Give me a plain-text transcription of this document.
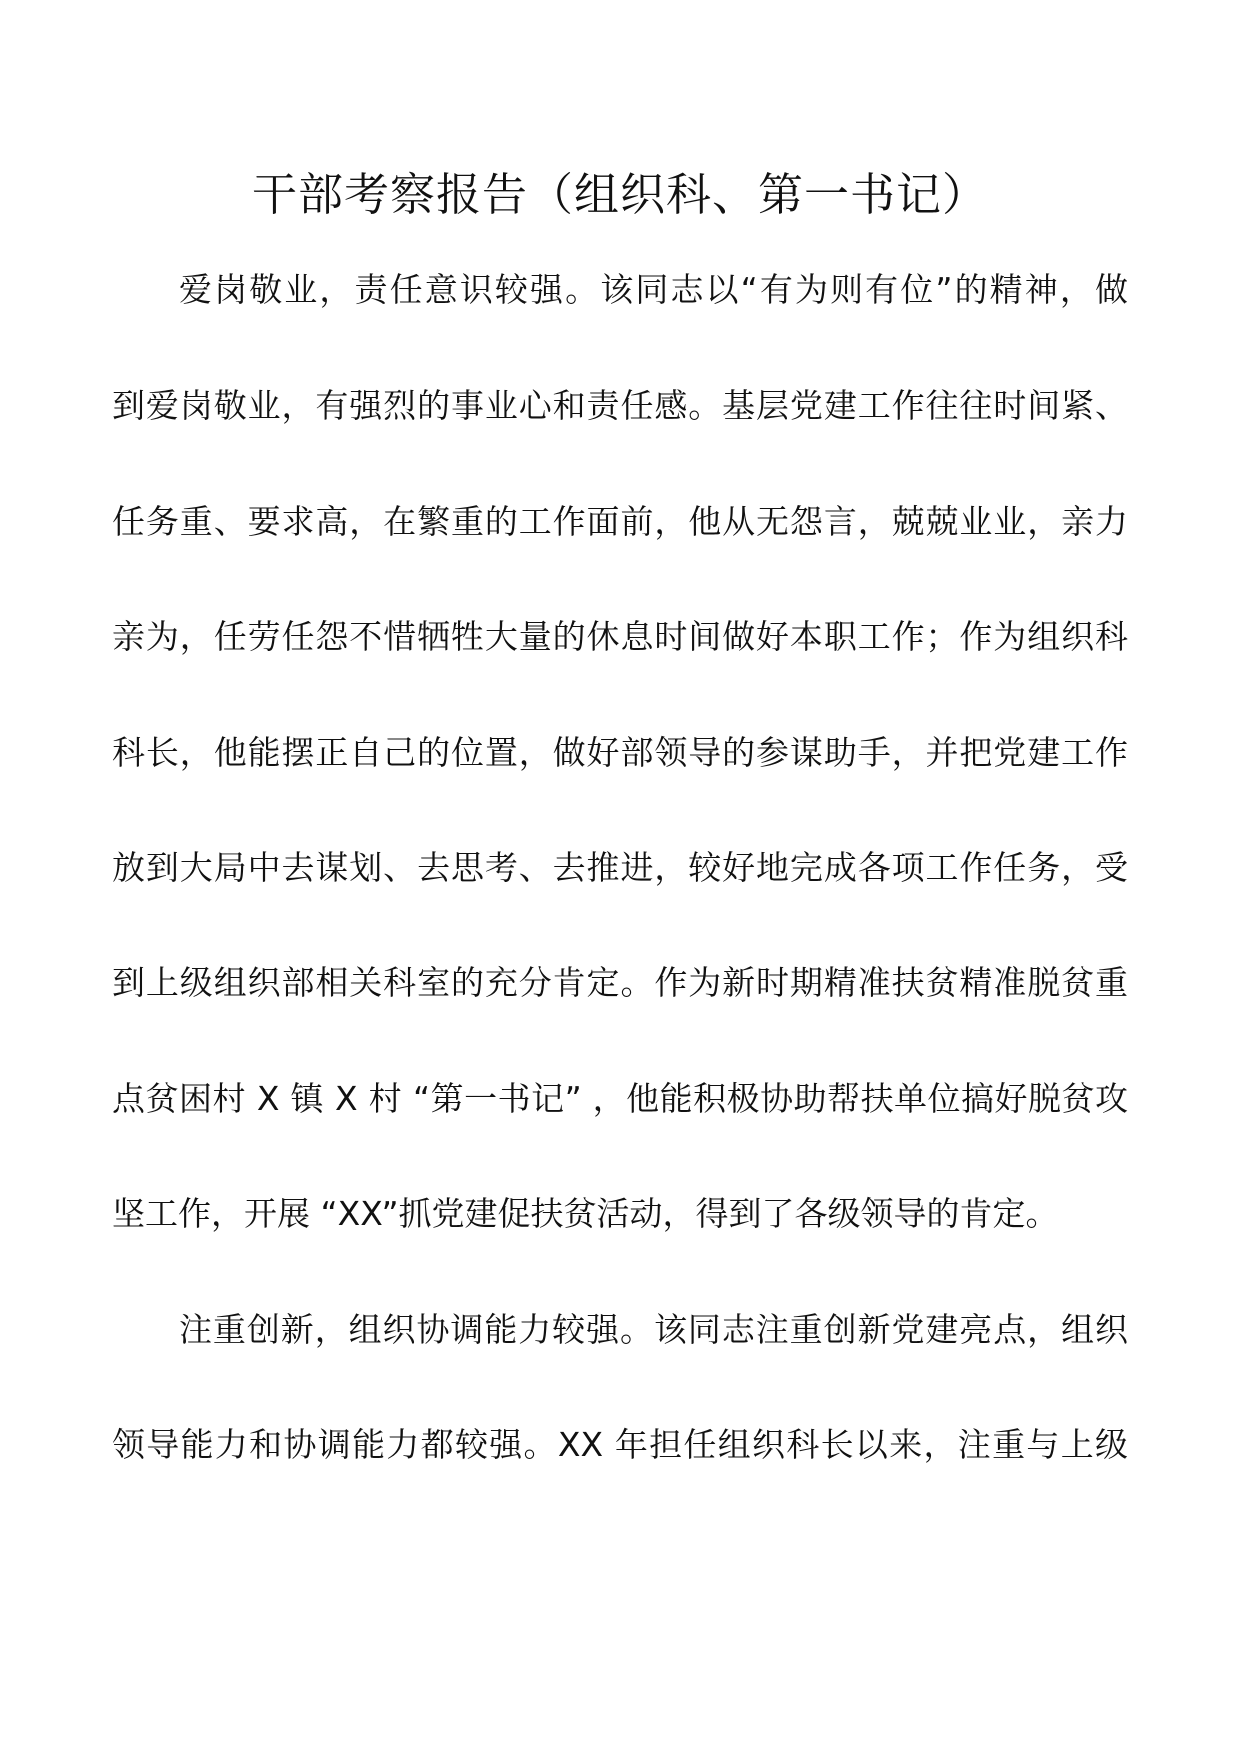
干部考察报告（组织科、第一书记）
爱岗敬业，责任意识较强。该同志以“有为则有位”的精神，做
到爱岗敬业，有强烈的事业心和责任感。基层党建工作往往时间紧、
任务重、要求高，在繁重的工作面前，他从无怨言，兢兢业业，亲力
亲为，任劳任怨不惜牺牲大量的休息时间做好本职工作；作为组织科
科长，他能摆正自己的位置，做好部领导的参谋助手，并把党建工作
放到大局中去谋划、去思考、去推进，较好地完成各项工作任务，受
到上级组织部相关科室的充分肯定。作为新时期精准扶贫精准脱贫重
点贫困村 X 镇 X 村 “第一书记” ，他能积极协助帮扶单位搞好脱贫攻
坚工作，开展 “XX”抓党建促扶贫活动，得到了各级领导的肯定。
注重创新，组织协调能力较强。该同志注重创新党建亮点，组织
领导能力和协调能力都较强。XX 年担任组织科长以来，注重与上级
